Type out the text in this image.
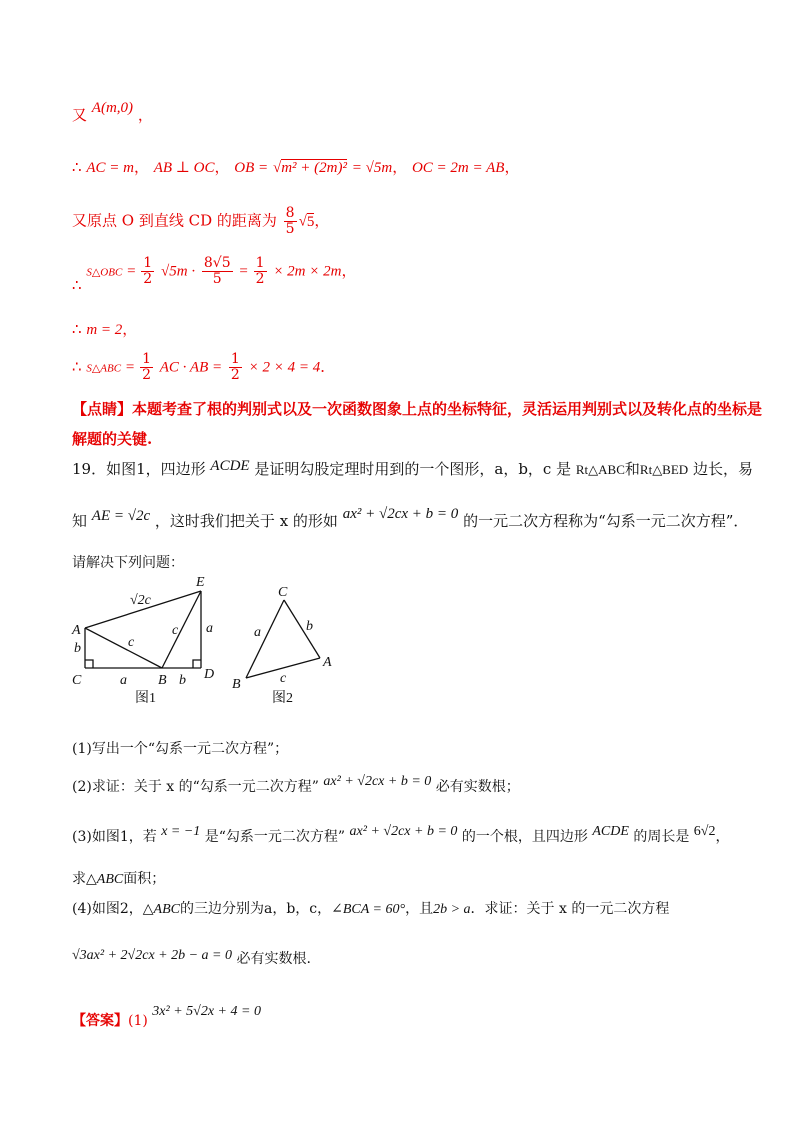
又 A(m,0) ，
∴ AC = m， AB ⊥ OC， OB = √m² + (2m)² = √5m， OC = 2m = AB，
又原点 O 到直线 CD 的距离为 $\frac{8}{5} √5$，
∴ S△OBC = $\frac{1}{2} √5m \cdot \frac{8√5}{5} = \frac{1}{2} \times 2m \times 2m$，
∴ m = 2，
∴ S△ABC = $\frac{1}{2}$ AC · AB = $\frac{1}{2} \times 2 \times 4 = 4$．
【点睛】本题考查了根的判别式以及一次函数图象上点的坐标特征，灵活运用判别式以及转化点的坐标是
解题的关键.
19．如图1，四边形 ACDE 是证明勾股定理时用到的一个图形，a，b，c 是 Rt△ABC和Rt△BED 边长，易
知 AE = √2c ，这时我们把关于 x 的形如 ax² + √2cx + b = 0 的一元二次方程称为“勾系一元二次方程”．
请解决下列问题：
A
C	B	D
E
√2c
c
c a
b
a	b
图1
C
B
A
a	b
c
图2
(1)写出一个“勾系一元二次方程”；
(2)求证：关于 x 的“勾系一元二次方程” ax² + √2cx + b = 0 必有实数根；
(3)如图1，若 x = −1 是“勾系一元二次方程” ax² + √2cx + b = 0 的一个根，且四边形 ACDE 的周长是 6√2，
求△ABC面积；
(4)如图2，△ABC的三边分别为a，b，c，∠BCA = 60°，且2b > a．求证：关于 x 的一元二次方程
√3ax² + 2√2cx + 2b − a = 0 必有实数根.
【答案】(1) 3x² + 5√2x + 4 = 0
